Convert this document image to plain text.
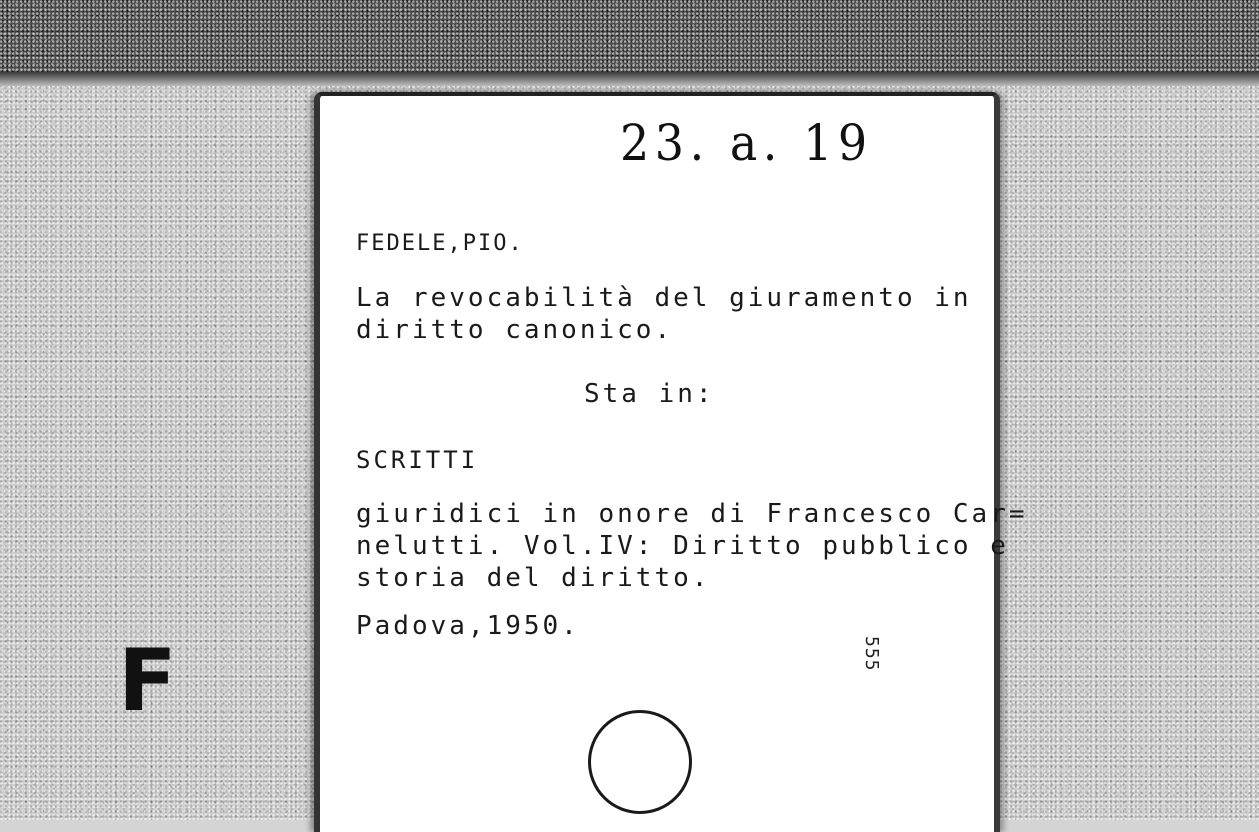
F
23. a. 19
FEDELE,PIO.
La revocabilità del giuramento in
diritto canonico.
Sta in:
SCRITTI
giuridici in onore di Francesco Car=
nelutti. Vol.IV: Diritto pubblico e
storia del diritto.
Padova,1950.
555
